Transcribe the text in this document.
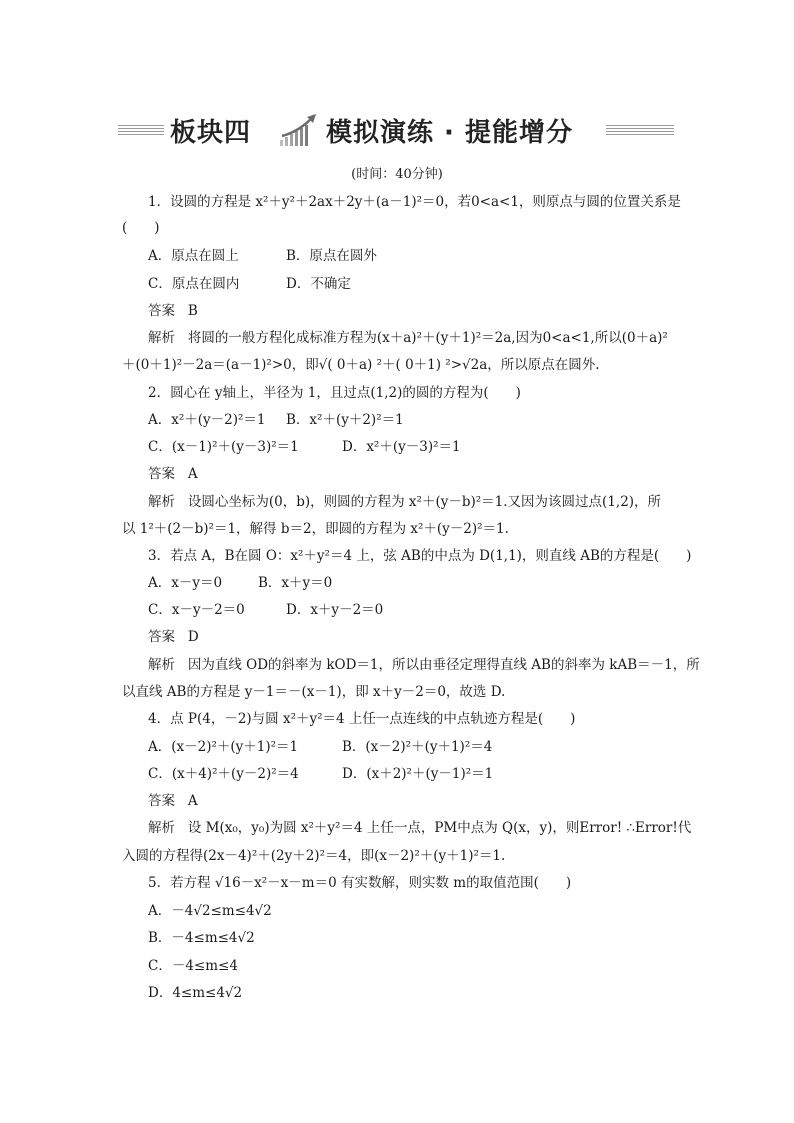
板块四	模拟演练 · 提能增分
(时间：40分钟)
1．设圆的方程是 x²＋y²＋2ax＋2y＋(a－1)²＝0，若0<a<1，则原点与圆的位置关系是
(　　)
A．原点在圆上	B．原点在圆外
C．原点在圆内	D．不确定
答案 B
解析 将圆的一般方程化成标准方程为(x＋a)²＋(y＋1)²＝2a,因为0<a<1,所以(0＋a)²
＋(0＋1)²－2a＝(a－1)²>0，即√( 0＋a) ²＋( 0＋1) ²>√2a，所以原点在圆外.
2．圆心在 y轴上，半径为 1，且过点(1,2)的圆的方程为(　　)
A．x²＋(y－2)²＝1 B．x²＋(y＋2)²＝1
C．(x－1)²＋(y－3)²＝1	D．x²＋(y－3)²＝1
答案 A
解析 设圆心坐标为(0，b)，则圆的方程为 x²＋(y－b)²＝1.又因为该圆过点(1,2)，所
以 1²＋(2－b)²＝1，解得 b＝2，即圆的方程为 x²＋(y－2)²＝1.
3．若点 A，B在圆 O：x²＋y²＝4 上，弦 AB的中点为 D(1,1)，则直线 AB的方程是(　　)
A．x－y＝0	B．x＋y＝0
C．x－y－2＝0	D．x＋y－2＝0
答案 D
解析 因为直线 OD的斜率为 kOD＝1，所以由垂径定理得直线 AB的斜率为 kAB＝－1，所
以直线 AB的方程是 y－1＝－(x－1)，即 x＋y－2＝0，故选 D.
4．点 P(4，－2)与圆 x²＋y²＝4 上任一点连线的中点轨迹方程是(　　)
A．(x－2)²＋(y＋1)²＝1	B．(x－2)²＋(y＋1)²＝4
C．(x＋4)²＋(y－2)²＝4	D．(x＋2)²＋(y－1)²＝1
答案 A
解析 设 M(x₀，y₀)为圆 x²＋y²＝4 上任一点，PM中点为 Q(x，y)，则Error! ∴Error!代
入圆的方程得(2x－4)²＋(2y＋2)²＝4，即(x－2)²＋(y＋1)²＝1.
5．若方程 √16－x²－x－m＝0 有实数解，则实数 m的取值范围(　　)
A．－4√2≤m≤4√2
B．－4≤m≤4√2
C．－4≤m≤4
D．4≤m≤4√2
